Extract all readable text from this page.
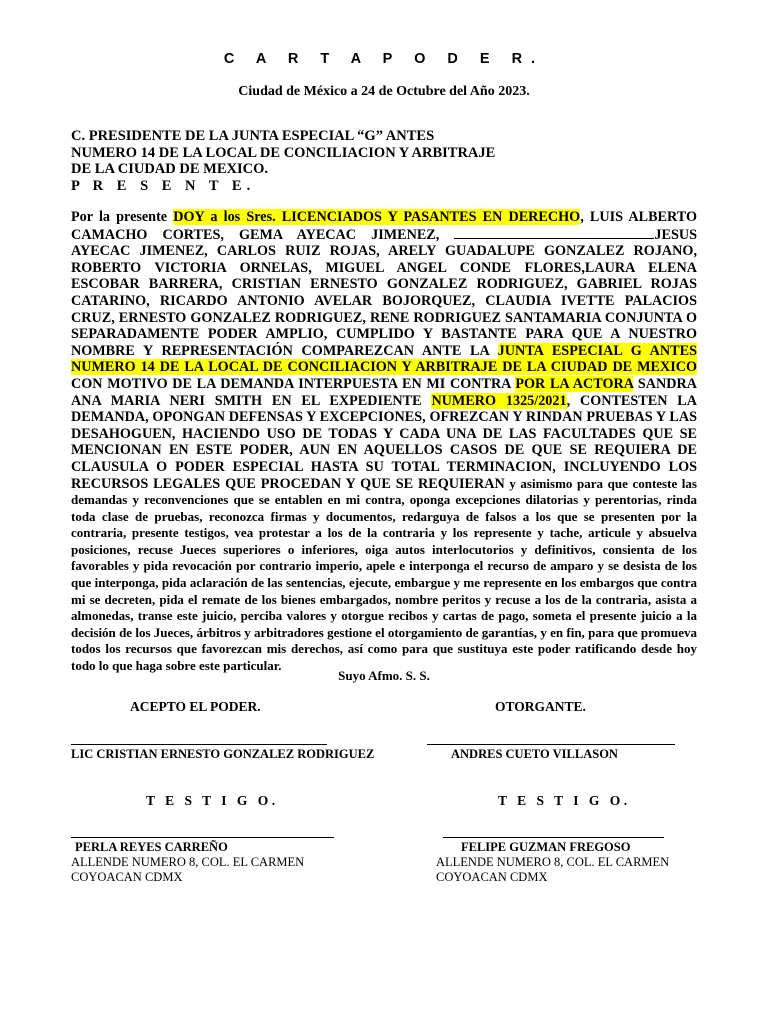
C A R T A P O D E R.
Ciudad de México a 24 de Octubre del Año 2023.
C. PRESIDENTE DE LA JUNTA ESPECIAL “G” ANTES
NUMERO 14 DE LA LOCAL DE CONCILIACION Y ARBITRAJE
DE LA CIUDAD DE MEXICO.
P R E S E N T E.
Por la presente DOY a los Sres. LICENCIADOS Y PASANTES EN DERECHO, LUIS ALBERTO CAMACHO CORTES, GEMA AYECAC JIMENEZ,	JESUS AYECAC JIMENEZ, CARLOS RUIZ ROJAS, ARELY GUADALUPE GONZALEZ ROJANO, ROBERTO VICTORIA ORNELAS, MIGUEL ANGEL CONDE FLORES,LAURA ELENA ESCOBAR BARRERA, CRISTIAN ERNESTO GONZALEZ RODRIGUEZ, GABRIEL ROJAS CATARINO, RICARDO ANTONIO AVELAR BOJORQUEZ, CLAUDIA IVETTE PALACIOS CRUZ, ERNESTO GONZALEZ RODRIGUEZ, RENE RODRIGUEZ SANTAMARIA CONJUNTA O SEPARADAMENTE PODER AMPLIO, CUMPLIDO Y BASTANTE PARA QUE A NUESTRO NOMBRE Y REPRESENTACIÓN COMPAREZCAN ANTE LA JUNTA ESPECIAL G ANTES NUMERO 14 DE LA LOCAL DE CONCILIACION Y ARBITRAJE DE LA CIUDAD DE MEXICO CON MOTIVO DE LA DEMANDA INTERPUESTA EN MI CONTRA POR LA ACTORA SANDRA ANA MARIA NERI SMITH EN EL EXPEDIENTE NUMERO 1325/2021, CONTESTEN LA DEMANDA, OPONGAN DEFENSAS Y EXCEPCIONES, OFREZCAN Y RINDAN PRUEBAS Y LAS DESAHOGUEN, HACIENDO USO DE TODAS Y CADA UNA DE LAS FACULTADES QUE SE MENCIONAN EN ESTE PODER, AUN EN AQUELLOS CASOS DE QUE SE REQUIERA DE CLAUSULA O PODER ESPECIAL HASTA SU TOTAL TERMINACION, INCLUYENDO LOS RECURSOS LEGALES QUE PROCEDAN Y QUE SE REQUIERAN y asimismo para que conteste las demandas y reconvenciones que se entablen en mi contra, oponga excepciones dilatorias y perentorias, rinda toda clase de pruebas, reconozca firmas y documentos, redarguya de falsos a los que se presenten por la contraria, presente testigos, vea protestar a los de la contraria y los represente y tache, articule y absuelva posiciones, recuse Jueces superiores o inferiores, oiga autos interlocutorios y definitivos, consienta de los favorables y pida revocación por contrario imperio, apele e interponga el recurso de amparo y se desista de los que interponga, pida aclaración de las sentencias, ejecute, embargue y me represente en los embargos que contra mi se decreten, pida el remate de los bienes embargados, nombre peritos y recuse a los de la contraria, asista a almonedas, transe este juicio, perciba valores y otorgue recibos y cartas de pago, someta el presente juicio a la decisión de los Jueces, árbitros y arbitradores gestione el otorgamiento de garantías, y en fin, para que promueva todos los recursos que favorezcan mis derechos, así como para que sustituya este poder ratificando desde hoy todo lo que haga sobre este particular.
Suyo Afmo. S. S.
ACEPTO EL PODER.	OTORGANTE.
LIC CRISTIAN ERNESTO GONZALEZ RODRIGUEZ	ANDRES CUETO VILLASON
T E S T I G O.	T E S T I G O.
PERLA REYES CARREÑO	FELIPE GUZMAN FREGOSO
ALLENDE NUMERO 8, COL. EL CARMEN
COYOACAN CDMX
ALLENDE NUMERO 8, COL. EL CARMEN
COYOACAN CDMX
